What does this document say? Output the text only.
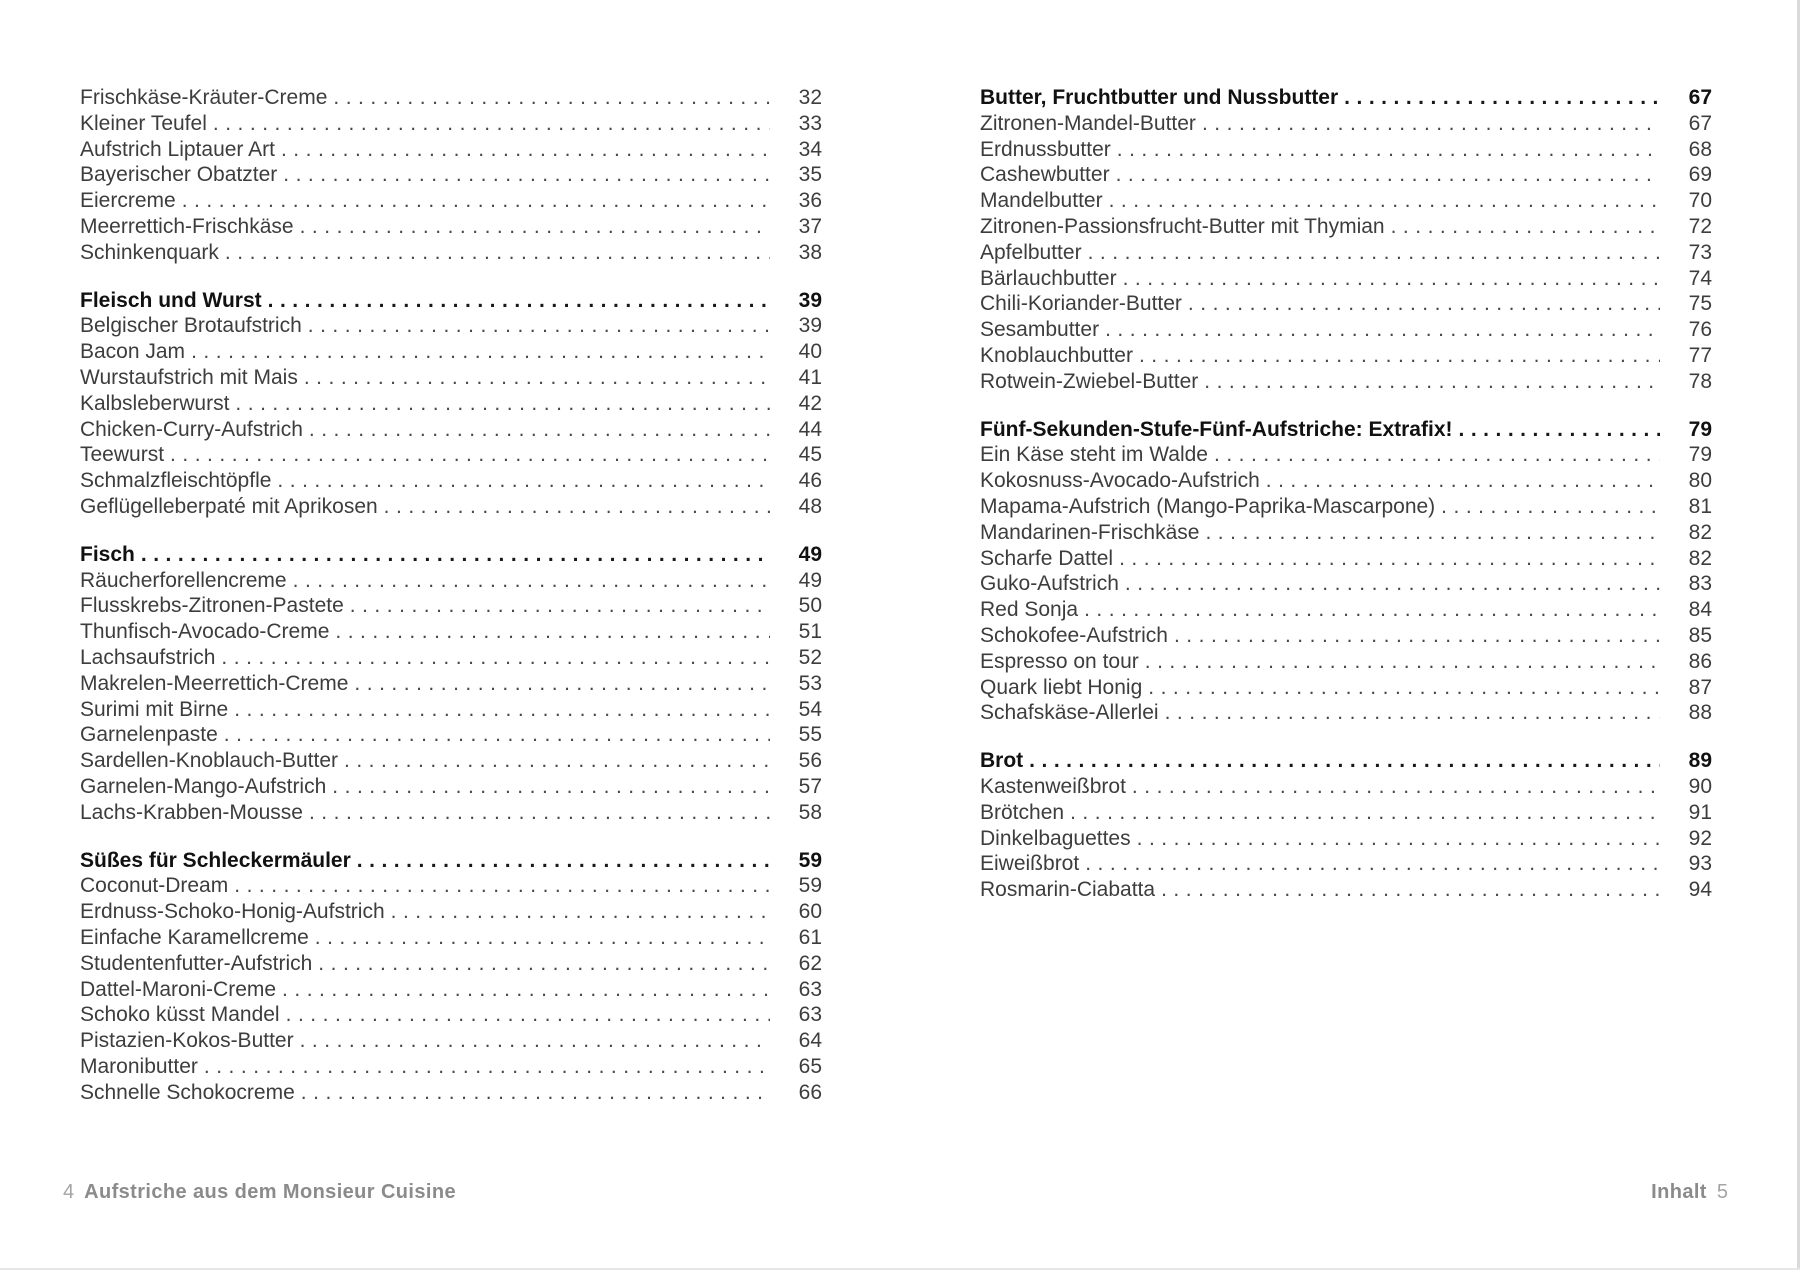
Frischkäse-Kräuter-Creme .....	32
Kleiner Teufel .....	33
Aufstrich Liptauer Art .....	34
Bayerischer Obatzter .....	35
Eiercreme .....	36
Meerrettich-Frischkäse .....	37
Schinkenquark .....	38
Fleisch und Wurst .....	39
Belgischer Brotaufstrich .....	39
Bacon Jam .....	40
Wurstaufstrich mit Mais .....	41
Kalbsleberwurst .....	42
Chicken-Curry-Aufstrich .....	44
Teewurst .....	45
Schmalzfleischtöpfle .....	46
Geflügelleberpaté mit Aprikosen .....	48
Fisch .....	49
Räucherforellencreme .....	49
Flusskrebs-Zitronen-Pastete .....	50
Thunfisch-Avocado-Creme .....	51
Lachsaufstrich .....	52
Makrelen-Meerrettich-Creme .....	53
Surimi mit Birne .....	54
Garnelenpaste .....	55
Sardellen-Knoblauch-Butter .....	56
Garnelen-Mango-Aufstrich .....	57
Lachs-Krabben-Mousse .....	58
Süßes für Schleckermäuler .....	59
Coconut-Dream .....	59
Erdnuss-Schoko-Honig-Aufstrich .....	60
Einfache Karamellcreme .....	61
Studentenfutter-Aufstrich .....	62
Dattel-Maroni-Creme .....	63
Schoko küsst Mandel .....	63
Pistazien-Kokos-Butter .....	64
Maronibutter .....	65
Schnelle Schokocreme .....	66
Butter, Fruchtbutter und Nussbutter .....	67
Zitronen-Mandel-Butter .....	67
Erdnussbutter .....	68
Cashewbutter .....	69
Mandelbutter .....	70
Zitronen-Passionsfrucht-Butter mit Thymian .....	72
Apfelbutter .....	73
Bärlauchbutter .....	74
Chili-Koriander-Butter .....	75
Sesambutter .....	76
Knoblauchbutter .....	77
Rotwein-Zwiebel-Butter .....	78
Fünf-Sekunden-Stufe-Fünf-Aufstriche: Extrafix! .....	79
Ein Käse steht im Walde .....	79
Kokosnuss-Avocado-Aufstrich .....	80
Mapama-Aufstrich (Mango-Paprika-Mascarpone) .....	81
Mandarinen-Frischkäse .....	82
Scharfe Dattel .....	82
Guko-Aufstrich .....	83
Red Sonja .....	84
Schokofee-Aufstrich .....	85
Espresso on tour .....	86
Quark liebt Honig .....	87
Schafskäse-Allerlei .....	88
Brot .....	89
Kastenweißbrot .....	90
Brötchen .....	91
Dinkelbaguettes .....	92
Eiweißbrot .....	93
Rosmarin-Ciabatta .....	94
4 Aufstriche aus dem Monsieur Cuisine	Inhalt 5
